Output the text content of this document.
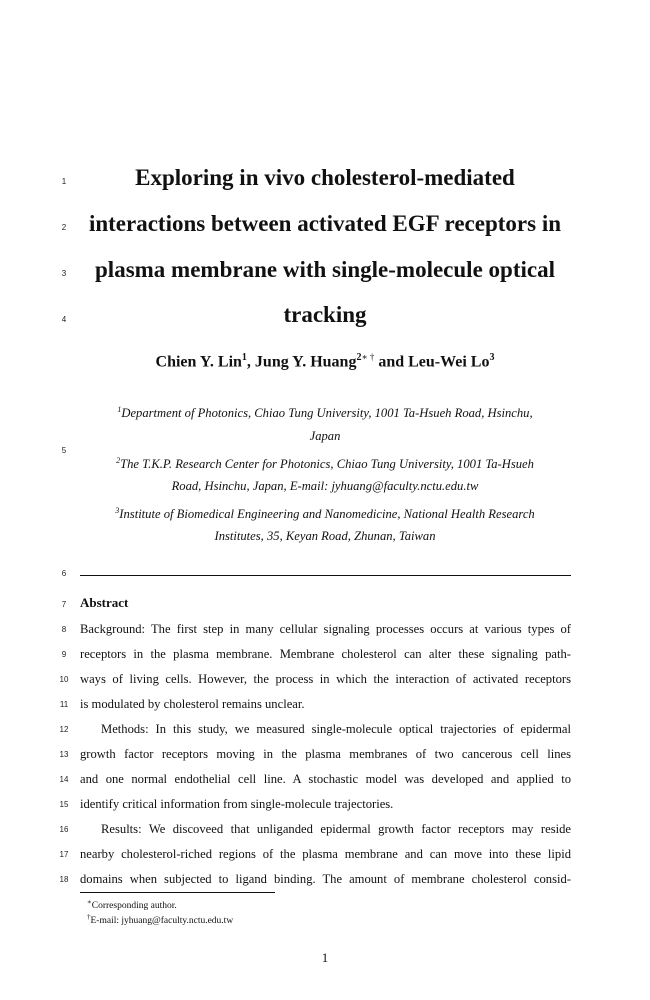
1
2
3
4
5
6
7
8
9
10
11
12
13
14
15
16
17
18
Exploring in vivo cholesterol-mediated
interactions between activated EGF receptors in
plasma membrane with single-molecule optical
tracking
Chien Y. Lin$^1$, Jung Y. Huang$^{2∗ \dagger}$ and Leu-Wei Lo$^3$
$^1$Department of Photonics, Chiao Tung University, 1001 Ta-Hsueh Road, Hsinchu,
Japan
$^2$The T.K.P. Research Center for Photonics, Chiao Tung University, 1001 Ta-Hsueh
Road, Hsinchu, Japan, E-mail: jyhuang@faculty.nctu.edu.tw
$^3$Institute of Biomedical Engineering and Nanomedicine, National Health Research
Institutes, 35, Keyan Road, Zhunan, Taiwan
Abstract
Background: The first step in many cellular signaling processes occurs at various types of
receptors in the plasma membrane. Membrane cholesterol can alter these signaling path-
ways of living cells. However, the process in which the interaction of activated receptors
is modulated by cholesterol remains unclear.
Methods: In this study, we measured single-molecule optical trajectories of epidermal
growth factor receptors moving in the plasma membranes of two cancerous cell lines
and one normal endothelial cell line. A stochastic model was developed and applied to
identify critical information from single-molecule trajectories.
Results: We discoveed that unliganded epidermal growth factor receptors may reside
nearby cholesterol-riched regions of the plasma membrane and can move into these lipid
domains when subjected to ligand binding. The amount of membrane cholesterol consid-
∗Corresponding author.
†E-mail: jyhuang@faculty.nctu.edu.tw
1
